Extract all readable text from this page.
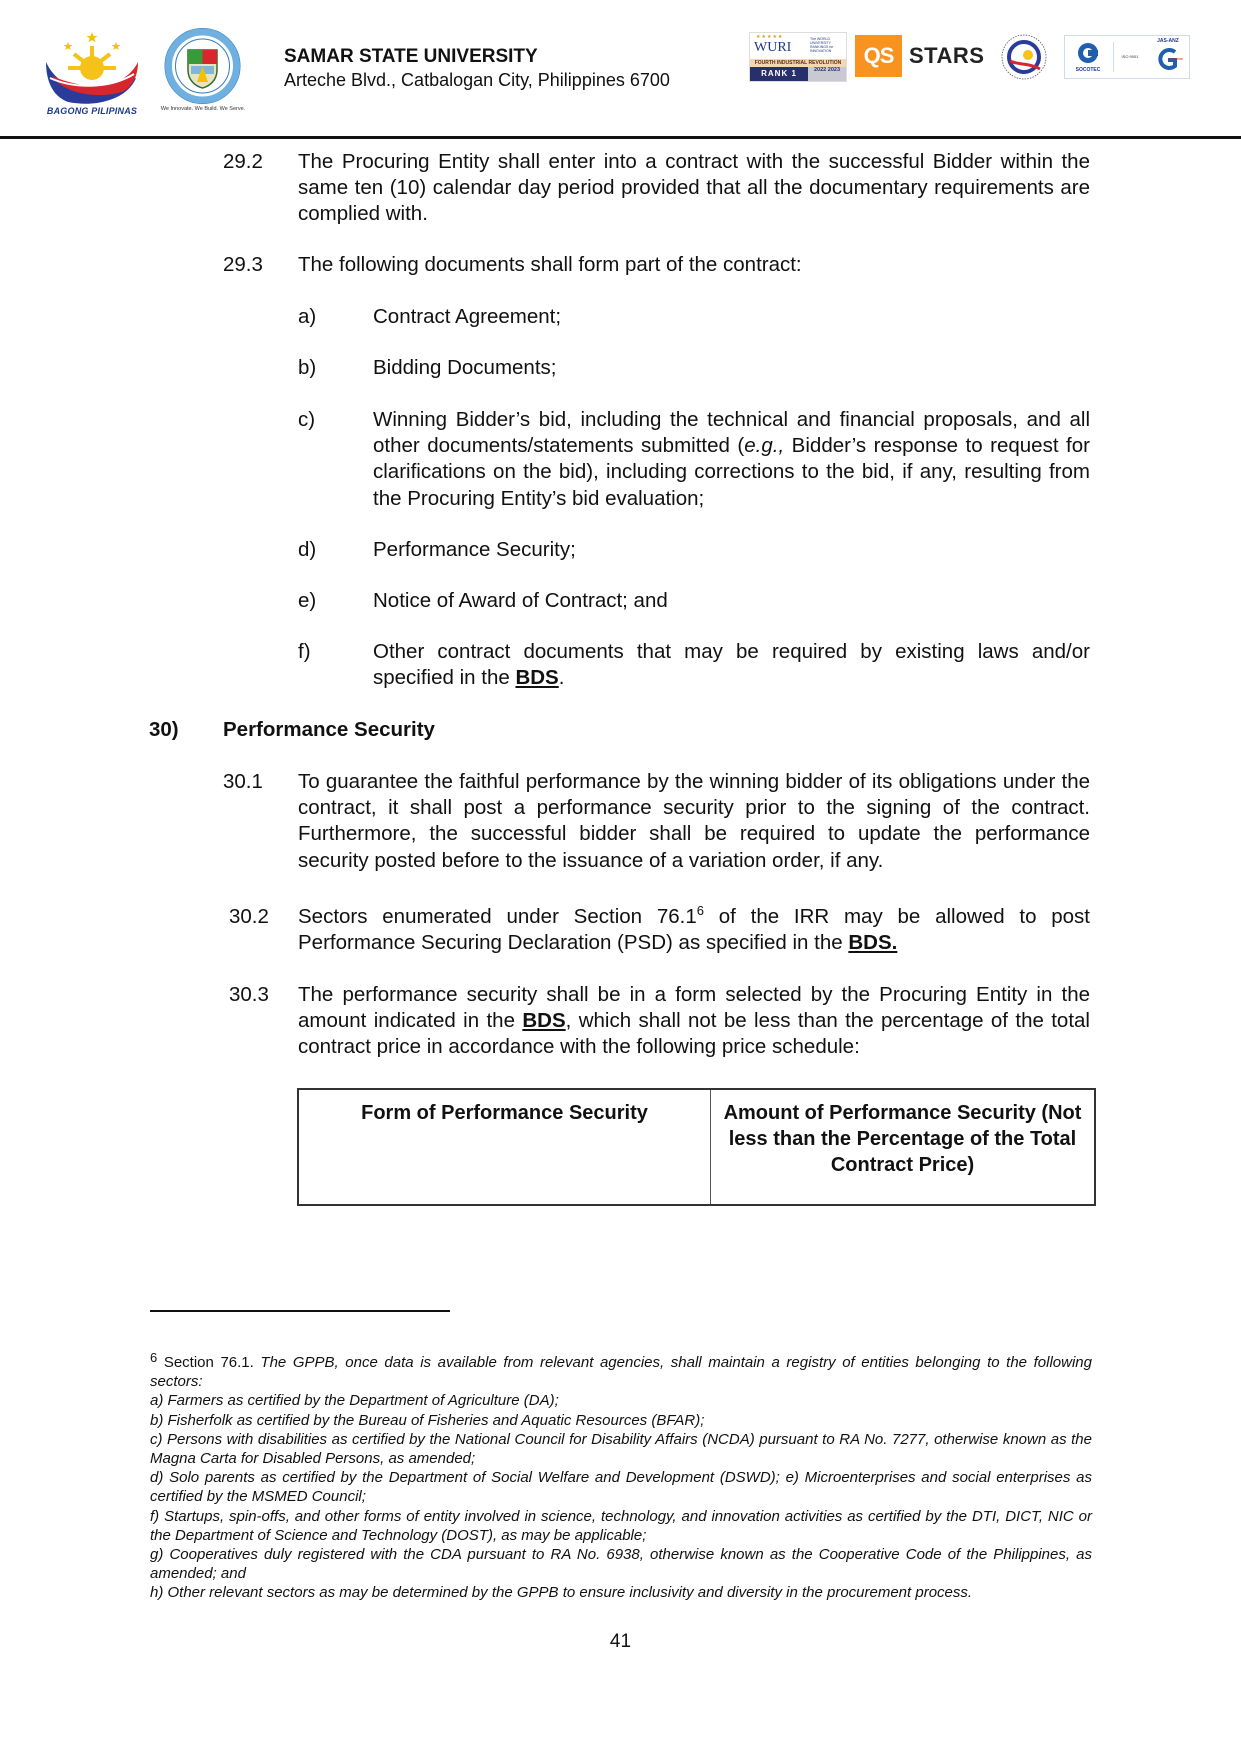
BAGONG PILIPINAS	We Innovate. We Build. We Serve.
SAMAR STATE UNIVERSITY
Arteche Blvd., Catbalogan City, Philippines 6700
★★★★★
WURI
The WORLD UNIVERSITY RANKINGS for INNOVATION
FOURTH INDUSTRIAL REVOLUTION
RANK 1	2022 2023
QS STARS
SOCOTEC
ISO 9001
JAS-ANZ
29.2 The Procuring Entity shall enter into a contract with the successful Bidder within the same ten (10) calendar day period provided that all the documentary requirements are complied with.
29.3 The following documents shall form part of the contract:
a)	Contract Agreement;
b)	Bidding Documents;
c)	Winning Bidder’s bid, including the technical and financial proposals, and all other documents/statements submitted (e.g., Bidder’s response to request for clarifications on the bid), including corrections to the bid, if any, resulting from the Procuring Entity’s bid evaluation;
d)	Performance Security;
e)	Notice of Award of Contract; and
f)	Other contract documents that may be required by existing laws and/or specified in the BDS.
30) Performance Security
30.1 To guarantee the faithful performance by the winning bidder of its obligations under the contract, it shall post a performance security prior to the signing of the contract. Furthermore, the successful bidder shall be required to update the performance security posted before to the issuance of a variation order, if any.
30.2 Sectors enumerated under Section 76.1$^6$ of the IRR may be allowed to post Performance Securing Declaration (PSD) as specified in the BDS.
30.3 The performance security shall be in a form selected by the Procuring Entity in the amount indicated in the BDS, which shall not be less than the percentage of the total contract price in accordance with the following price schedule:
Form of Performance Security	Amount of Performance Security (Not less than the Percentage of the Total Contract Price)
$^6$ Section 76.1. The GPPB, once data is available from relevant agencies, shall maintain a registry of entities belonging to the following sectors:
a) Farmers as certified by the Department of Agriculture (DA);
b) Fisherfolk as certified by the Bureau of Fisheries and Aquatic Resources (BFAR);
c) Persons with disabilities as certified by the National Council for Disability Affairs (NCDA) pursuant to RA No. 7277, otherwise known as the Magna Carta for Disabled Persons, as amended;
d) Solo parents as certified by the Department of Social Welfare and Development (DSWD); e) Microenterprises and social enterprises as certified by the MSMED Council;
f) Startups, spin-offs, and other forms of entity involved in science, technology, and innovation activities as certified by the DTI, DICT, NIC or the Department of Science and Technology (DOST), as may be applicable;
g) Cooperatives duly registered with the CDA pursuant to RA No. 6938, otherwise known as the Cooperative Code of the Philippines, as amended; and
h) Other relevant sectors as may be determined by the GPPB to ensure inclusivity and diversity in the procurement process.
41
